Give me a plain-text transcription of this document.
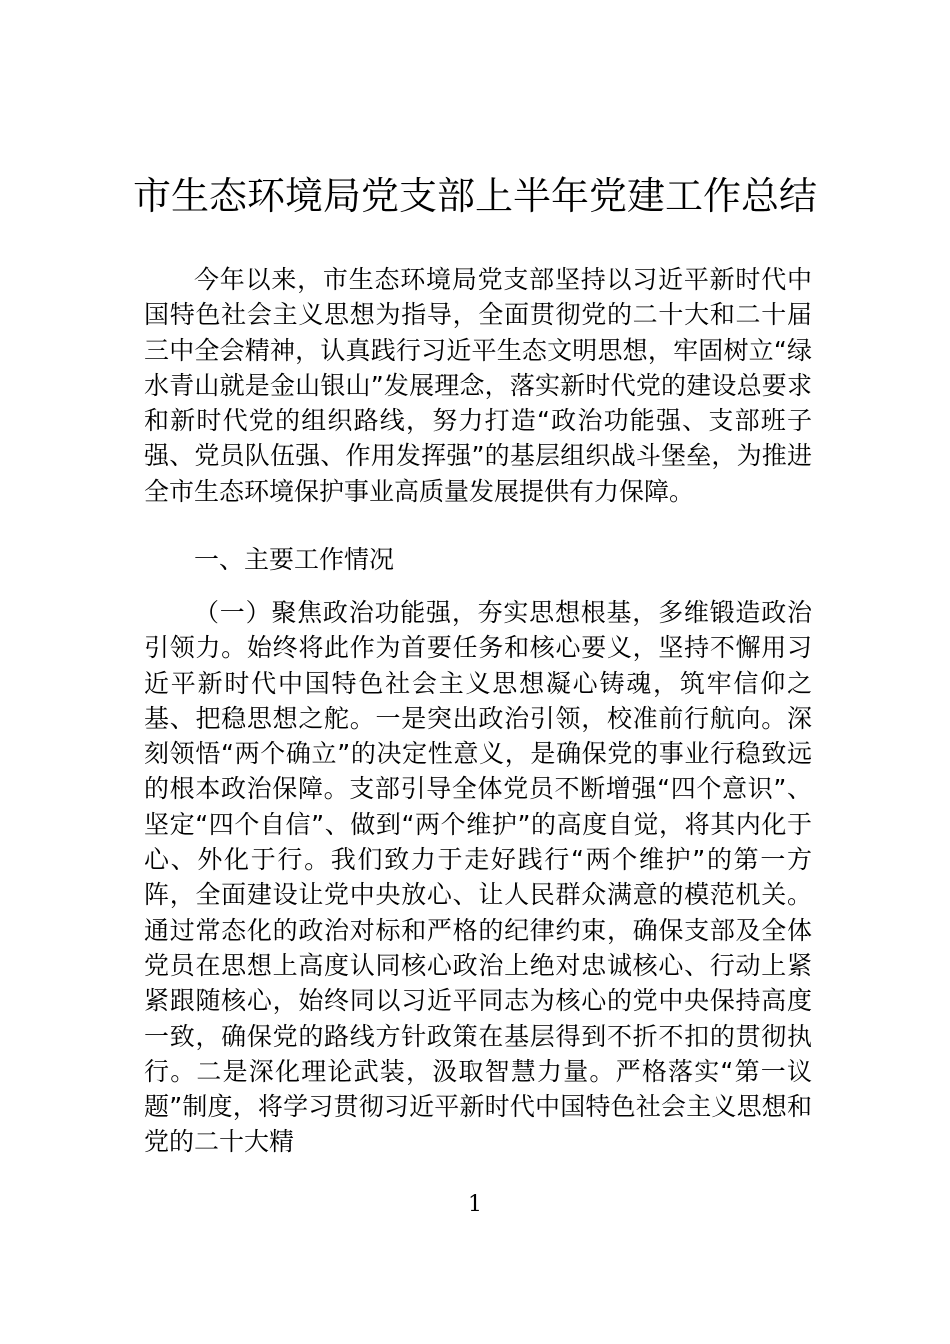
市生态环境局党支部上半年党建工作总结
今年以来，市生态环境局党支部坚持以习近平新时代中国特色社会主义思想为指导，全面贯彻党的二十大和二十届三中全会精神，认真践行习近平生态文明思想，牢固树立“绿水青山就是金山银山”发展理念，落实新时代党的建设总要求和新时代党的组织路线，努力打造“政治功能强、支部班子强、党员队伍强、作用发挥强”的基层组织战斗堡垒，为推进全市生态环境保护事业高质量发展提供有力保障。
一、主要工作情况
（一）聚焦政治功能强，夯实思想根基，多维锻造政治引领力。始终将此作为首要任务和核心要义，坚持不懈用习近平新时代中国特色社会主义思想凝心铸魂，筑牢信仰之基、把稳思想之舵。一是突出政治引领，校准前行航向。深刻领悟“两个确立”的决定性意义，是确保党的事业行稳致远的根本政治保障。支部引导全体党员不断增强“四个意识”、坚定“四个自信”、做到“两个维护”的高度自觉，将其内化于心、外化于行。我们致力于走好践行“两个维护”的第一方阵，全面建设让党中央放心、让人民群众满意的模范机关。通过常态化的政治对标和严格的纪律约束，确保支部及全体党员在思想上高度认同核心政治上绝对忠诚核心、行动上紧紧跟随核心，始终同以习近平同志为核心的党中央保持高度一致，确保党的路线方针政策在基层得到不折不扣的贯彻执行。二是深化理论武装，汲取智慧力量。严格落实“第一议题”制度，将学习贯彻习近平新时代中国特色社会主义思想和党的二十大精
1
